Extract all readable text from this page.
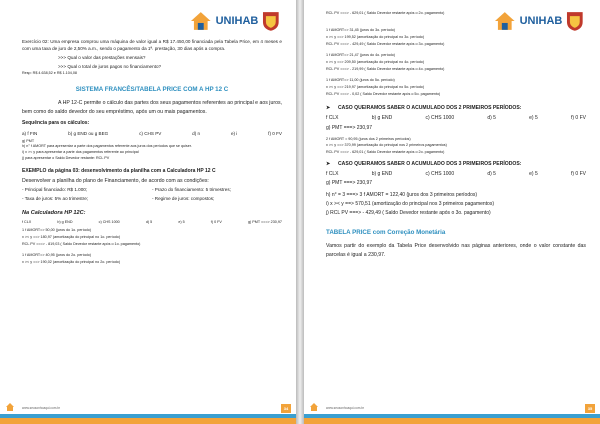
UNIHAB
Exercício 02: Uma empresa comprou uma máquina de valor igual a R$ 17.450,00 financiada pela Tabela Price, em 4 meses e com uma taxa de juro de 2,50% a.m., sendo o pagamento da 1ª. prestação, 30 dias após a compra.
>>> Qual o valor das prestações mensais?
>>> Qual o total de juros pagos no financiamento?
Resp: R$ 4.638,52 e R$ 1.104,08
SISTEMA FRANCÊS/TABELA PRICE COM A HP 12 C
A HP 12-C permite o cálculo das partes dos seus pagamentos referentes ao principal e aos juros, bem como do saldo devedor do seu empréstimo, após um ou mais pagamentos.
Sequência para os cálculos:
a) f FIN	b) g END ou g BEG	c) CHS PV	d) n	e) i	f) 0 FV
g) PMT
h) n° f AMORT para apresentar a parte dos pagamentos referente aos juros dos períodos que se quiser.
i) x >< y para apresentar a parte dos pagamentos referente ao principal
j) para apresentar o Saldo Devedor restante: RCL PV
EXEMPLO da página 03: desenvolvimento da planilha com a Calculadora HP 12 C
Desenvolver a planilha do plano de Financiamento, de acordo com as condições:
- Principal financiado: R$ 1.000;
- Taxa de juros: 5% ao trimestre;
- Prazo do financiamento: 5 trimestres;
- Regime de juros: compostos;
Na Calculadora HP 12C:
f CLX	b) g END	c) CHS 1000	d) 5	e) 5	f) 0 FV	g) PMT ===> 230,97
1 f AMORT=> 50,00 (juros do 1o. período)
x >< y ==> 180,97 (amortização do principal no 1o. período)
RCL PV ===> - 819,03 ( Saldo Devedor restante após o 1o. pagamento)
1 f AMORT=> 40,95 (juros do 2o. período)
x >< y ==> 190,02 (amortização do principal no 2o. período)
www.seusonhoaqui.com.br	34
UNIHAB
RCL PV ===> - 629,01 ( Saldo Devedor restante após o 2o. pagamento)
1 f AMORT=> 31,45 (juros do 3o. período)
x >< y ==> 199,52 (amortização do principal no 3o. período)
RCL PV ===> - 429,49 ( Saldo Devedor restante após o 3o. pagamento)
1 f AMORT=> 21,47 (juros do 4o. período)
x >< y ==> 209,50 (amortização do principal no 4o. período)
RCL PV ===> - 219,99 ( Saldo Devedor restante após o 4o. pagamento)
1 f AMORT=> 11,00 (juros do 5o. período)
x >< y ==> 219,97 (amortização do principal no 5o. período)
RCL PV ===> - 0,02 ( Saldo Devedor restante após o 5o. pagamento)
➤	CASO QUEIRAMOS SABER O ACUMULADO DOS 2 PRIMEIROS PERÍODOS:
f CLX	b) g END	c) CHS 1000	d) 5	e) 5	f) 0 FV
g) PMT ===> 230,97
2 f AMORT = 90,95 (juros dos 2 primeiros períodos)
x >< y ==> 370,99 (amortização do principal nos 2 primeiros pagamentos)
RCL PV ===> - 629,01 ( Saldo Devedor restante após o 2o. pagamento)
➤	CASO QUEIRAMOS SABER O ACUMULADO DOS 3 PRIMEIROS PERÍODOS:
f CLX	b) g END	c) CHS 1000	d) 5	e) 5	f) 0 FV
g) PMT ===> 230,97
h) n° = 3 ===> 3 f AMORT = 122,40 (juros dos 3 primeiros períodos)
i) x >< y ==> 570,51 (amortização do principal nos 3 primeiros pagamentos)
j) RCL PV ===> - 429,49 ( Saldo Devedor restante após o 3o. pagamento)
TABELA PRICE com Correção Monetária
Vamos partir do exemplo da Tabela Price desenvolvido nas páginas anteriores, onde o valor constante das parcelas é igual a 230,97.
www.seusonhoaqui.com.br	35
